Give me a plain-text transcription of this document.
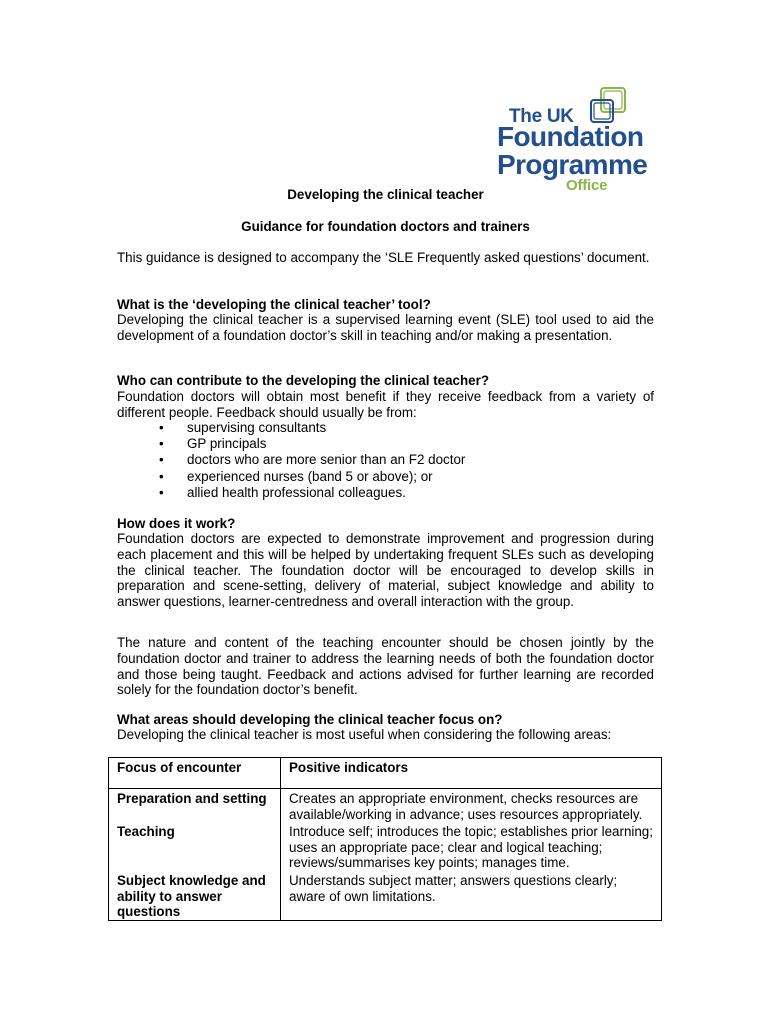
The UK
Foundation
Programme
Office
Developing the clinical teacher
Guidance for foundation doctors and trainers
This guidance is designed to accompany the ‘SLE Frequently asked questions’ document.
What is the ‘developing the clinical teacher’ tool?
Developing the clinical teacher is a supervised learning event (SLE) tool used to aid the development of a foundation doctor’s skill in teaching and/or making a presentation.
Who can contribute to the developing the clinical teacher?
Foundation doctors will obtain most benefit if they receive feedback from a variety of different people. Feedback should usually be from:
• supervising consultants
• GP principals
• doctors who are more senior than an F2 doctor
• experienced nurses (band 5 or above); or
• allied health professional colleagues.
How does it work?
Foundation doctors are expected to demonstrate improvement and progression during each placement and this will be helped by undertaking frequent SLEs such as developing the clinical teacher. The foundation doctor will be encouraged to develop skills in preparation and scene-setting, delivery of material, subject knowledge and ability to answer questions, learner-centredness and overall interaction with the group.
The nature and content of the teaching encounter should be chosen jointly by the foundation doctor and trainer to address the learning needs of both the foundation doctor and those being taught. Feedback and actions advised for further learning are recorded solely for the foundation doctor’s benefit.
What areas should developing the clinical teacher focus on?
Developing the clinical teacher is most useful when considering the following areas:
Focus of encounter	Positive indicators
Preparation and setting	Creates an appropriate environment, checks resources are available/working in advance; uses resources appropriately.
Teaching	Introduce self; introduces the topic; establishes prior learning; uses an appropriate pace; clear and logical teaching; reviews/summarises key points; manages time.
Subject knowledge and ability to answer questions	Understands subject matter; answers questions clearly; aware of own limitations.
